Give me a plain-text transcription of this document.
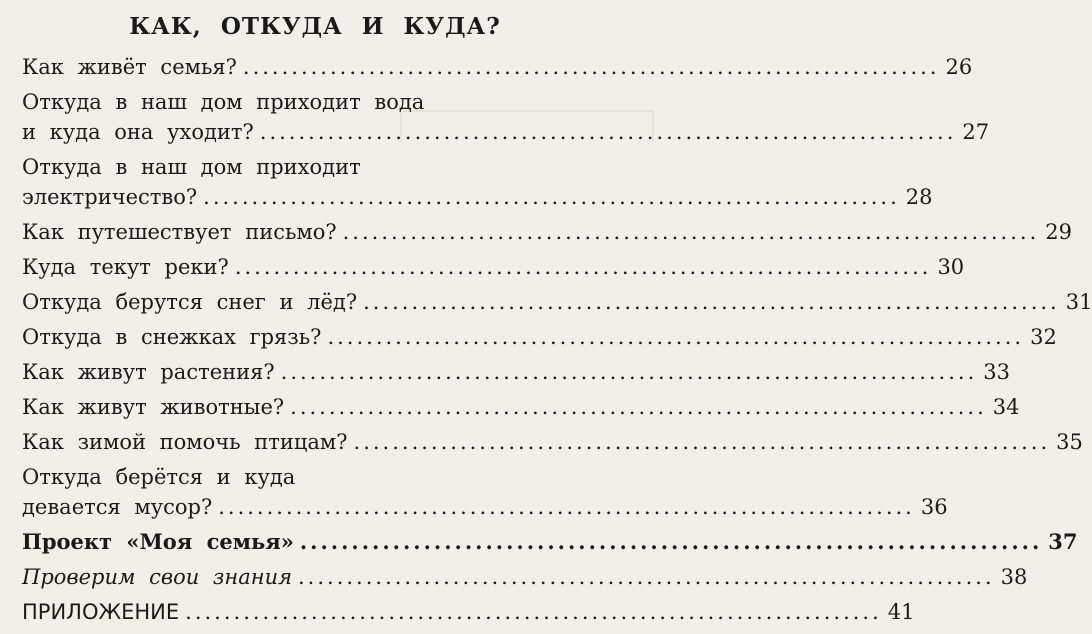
КАК, ОТКУДА И КУДА?
Как живёт семья? ........................................................................ 26
Откуда в наш дом приходит вода
и куда она уходит? ........................................................................ 27
Откуда в наш дом приходит
электричество? ........................................................................ 28
Как путешествует письмо? ........................................................................ 29
Куда текут реки? ........................................................................ 30
Откуда берутся снег и лёд? ........................................................................ 31
Откуда в снежках грязь? ........................................................................ 32
Как живут растения? ........................................................................ 33
Как живут животные? ........................................................................ 34
Как зимой помочь птицам? ........................................................................ 35
Откуда берётся и куда
девается мусор? ........................................................................ 36
Проект «Моя семья» ........................................................................ 37
Проверим свои знания ........................................................................ 38
ПРИЛОЖЕНИЕ ........................................................................ 41
